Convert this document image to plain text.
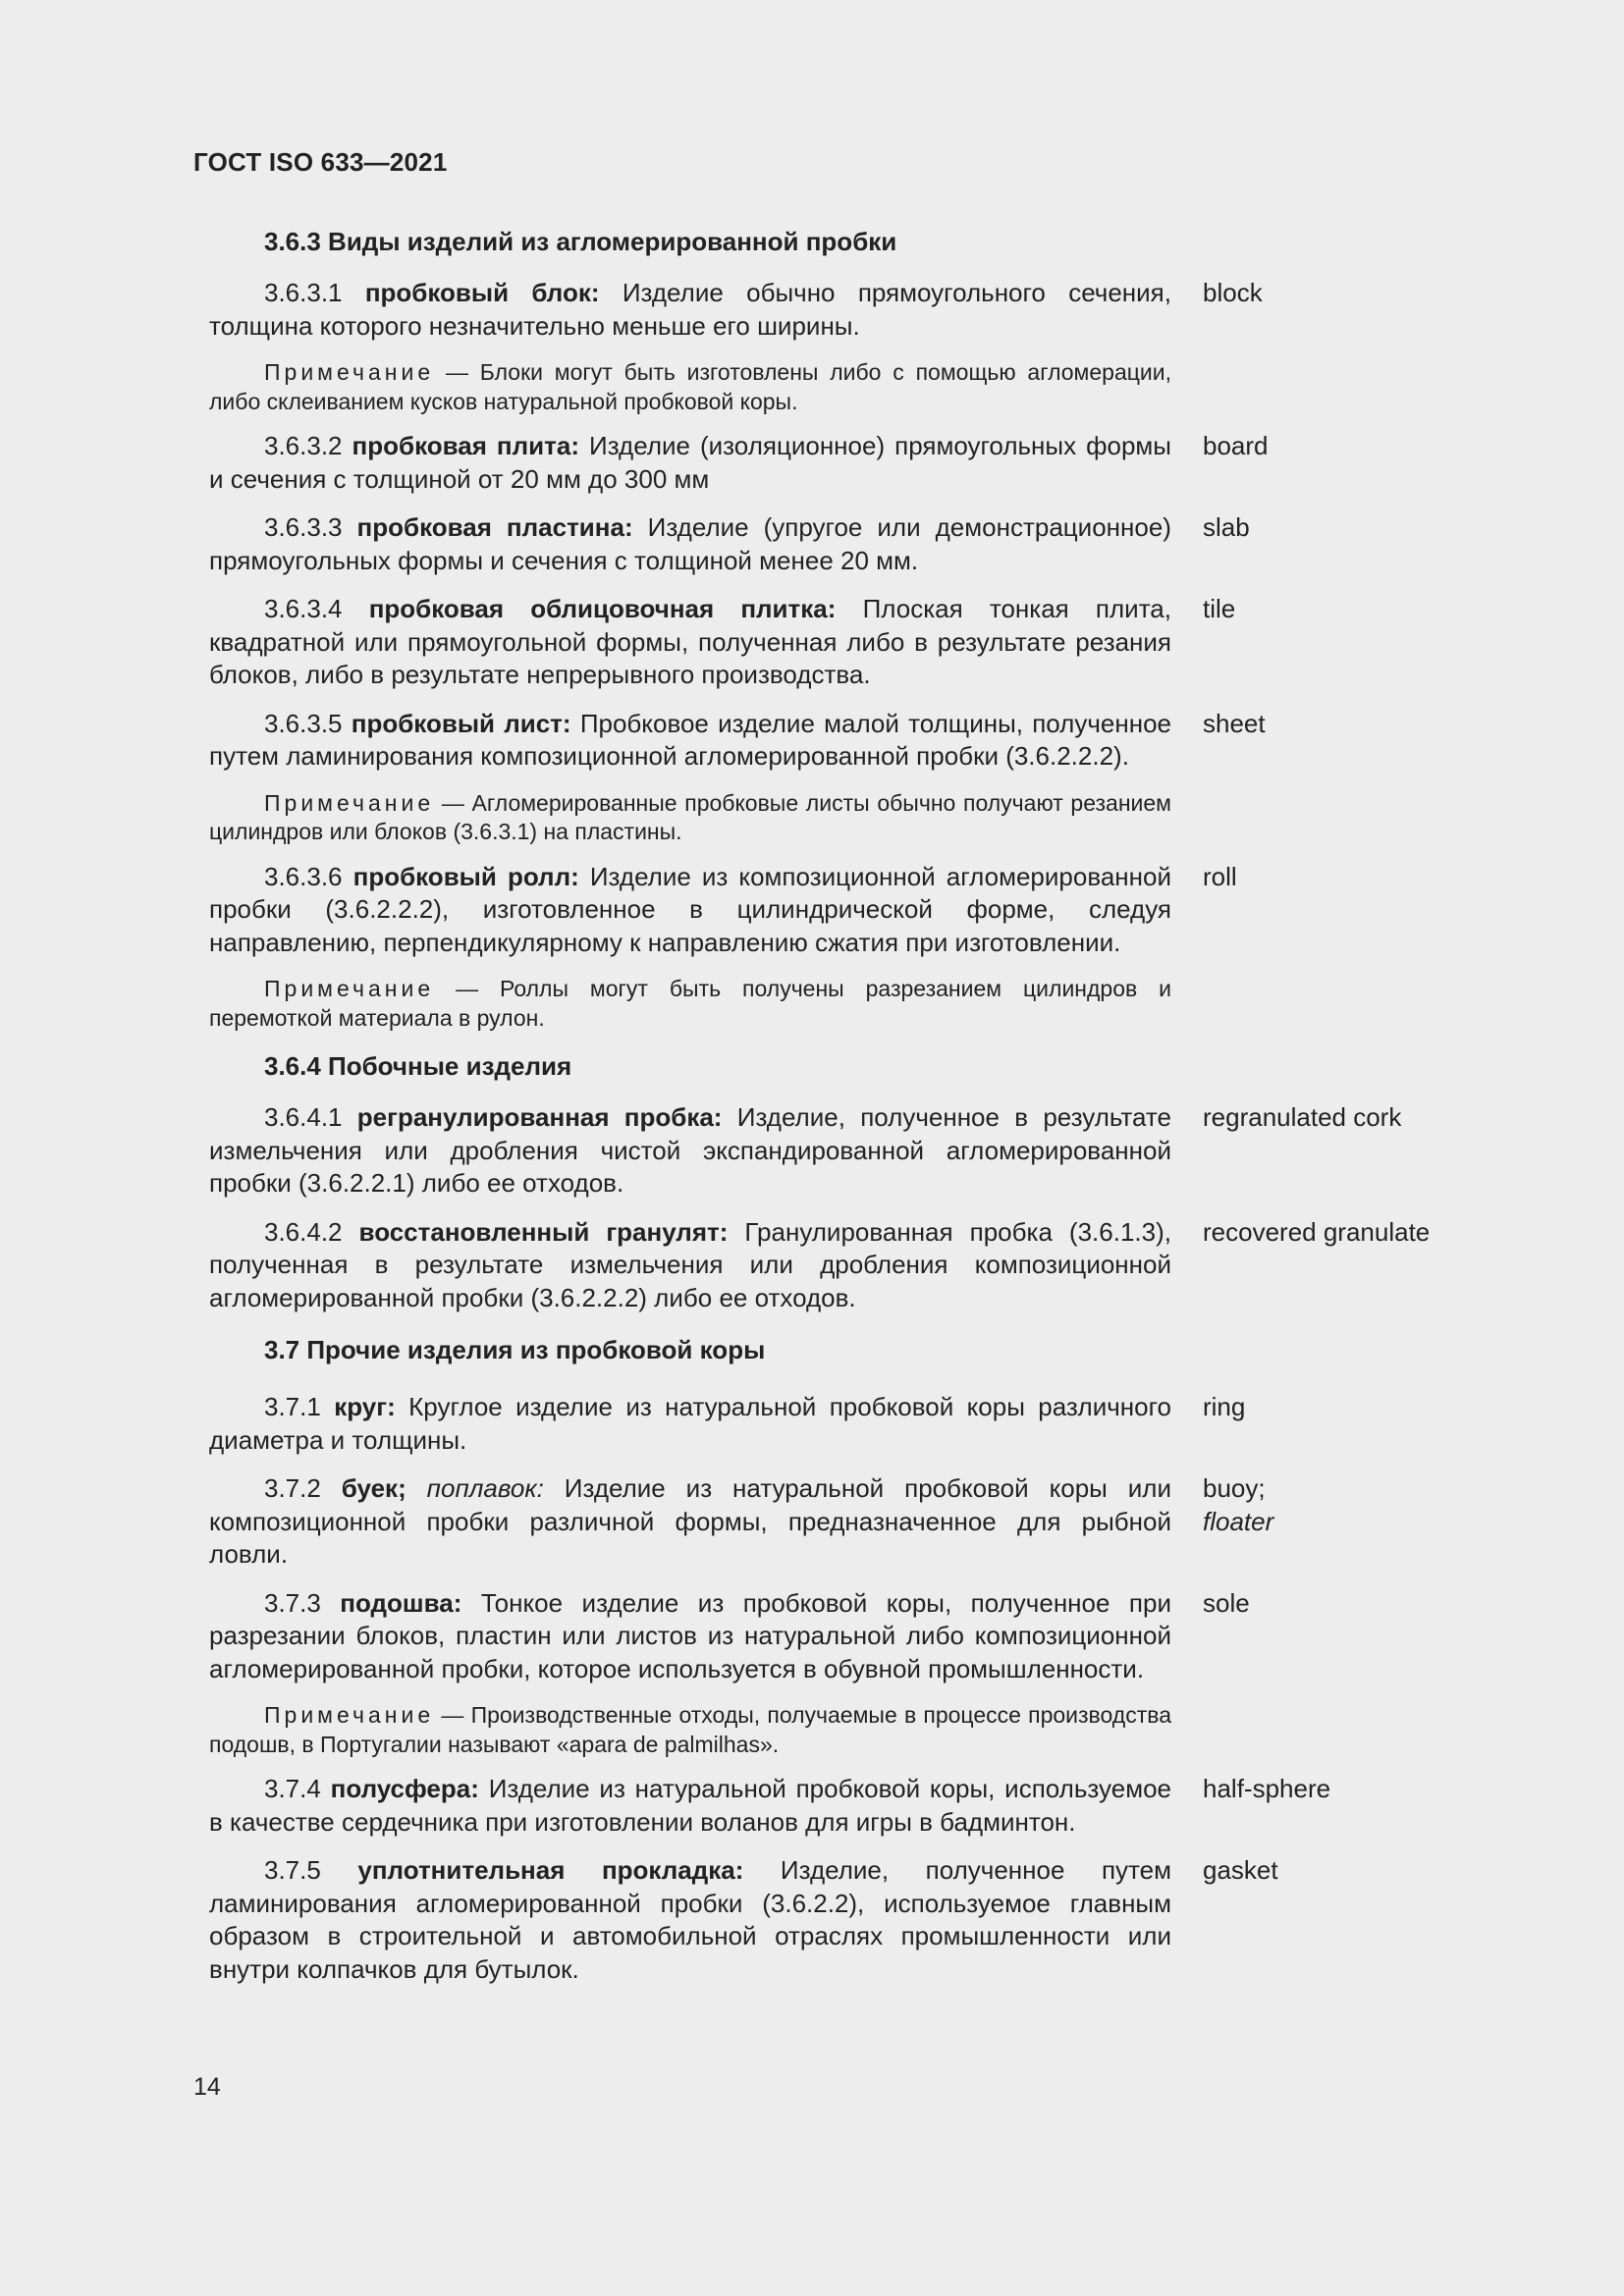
ГОСТ ISO 633—2021
3.6.3 Виды изделий из агломерированной пробки
3.6.3.1 пробковый блок: Изделие обычно прямоугольного сечения, толщина которого незначительно меньше его ширины.
block
Примечание — Блоки могут быть изготовлены либо с помощью агломерации, либо склеиванием кусков натуральной пробковой коры.
3.6.3.2 пробковая плита: Изделие (изоляционное) прямоугольных формы и сечения с толщиной от 20 мм до 300 мм
board
3.6.3.3 пробковая пластина: Изделие (упругое или демонстрационное) прямоугольных формы и сечения с толщиной менее 20 мм.
slab
3.6.3.4 пробковая облицовочная плитка: Плоская тонкая плита, квадратной или прямоугольной формы, полученная либо в результате резания блоков, либо в результате непрерывного производства.
tile
3.6.3.5 пробковый лист: Пробковое изделие малой толщины, полученное путем ламинирования композиционной агломерированной пробки (3.6.2.2.2).
sheet
Примечание — Агломерированные пробковые листы обычно получают резанием цилиндров или блоков (3.6.3.1) на пластины.
3.6.3.6 пробковый ролл: Изделие из композиционной агломерированной пробки (3.6.2.2.2), изготовленное в цилиндрической форме, следуя направлению, перпендикулярному к направлению сжатия при изготовлении.
roll
Примечание — Роллы могут быть получены разрезанием цилиндров и перемоткой материала в рулон.
3.6.4 Побочные изделия
3.6.4.1 регранулированная пробка: Изделие, полученное в результате измельчения или дробления чистой экспандированной агломерированной пробки (3.6.2.2.1) либо ее отходов.
regranulated cork
3.6.4.2 восстановленный гранулят: Гранулированная пробка (3.6.1.3), полученная в результате измельчения или дробления композиционной агломерированной пробки (3.6.2.2.2) либо ее отходов.
recovered granulate
3.7 Прочие изделия из пробковой коры
3.7.1 круг: Круглое изделие из натуральной пробковой коры различного диаметра и толщины.
ring
3.7.2 буек; поплавок: Изделие из натуральной пробковой коры или композиционной пробки различной формы, предназначенное для рыбной ловли.
buoy;
floater
3.7.3 подошва: Тонкое изделие из пробковой коры, полученное при разрезании блоков, пластин или листов из натуральной либо композиционной агломерированной пробки, которое используется в обувной промышленности.
sole
Примечание — Производственные отходы, получаемые в процессе производства подошв, в Португалии называют «apara de palmilhas».
3.7.4 полусфера: Изделие из натуральной пробковой коры, используемое в качестве сердечника при изготовлении воланов для игры в бадминтон.
half-sphere
3.7.5 уплотнительная прокладка: Изделие, полученное путем ламинирования агломерированной пробки (3.6.2.2), используемое главным образом в строительной и автомобильной отраслях промышленности или внутри колпачков для бутылок.
gasket
14
